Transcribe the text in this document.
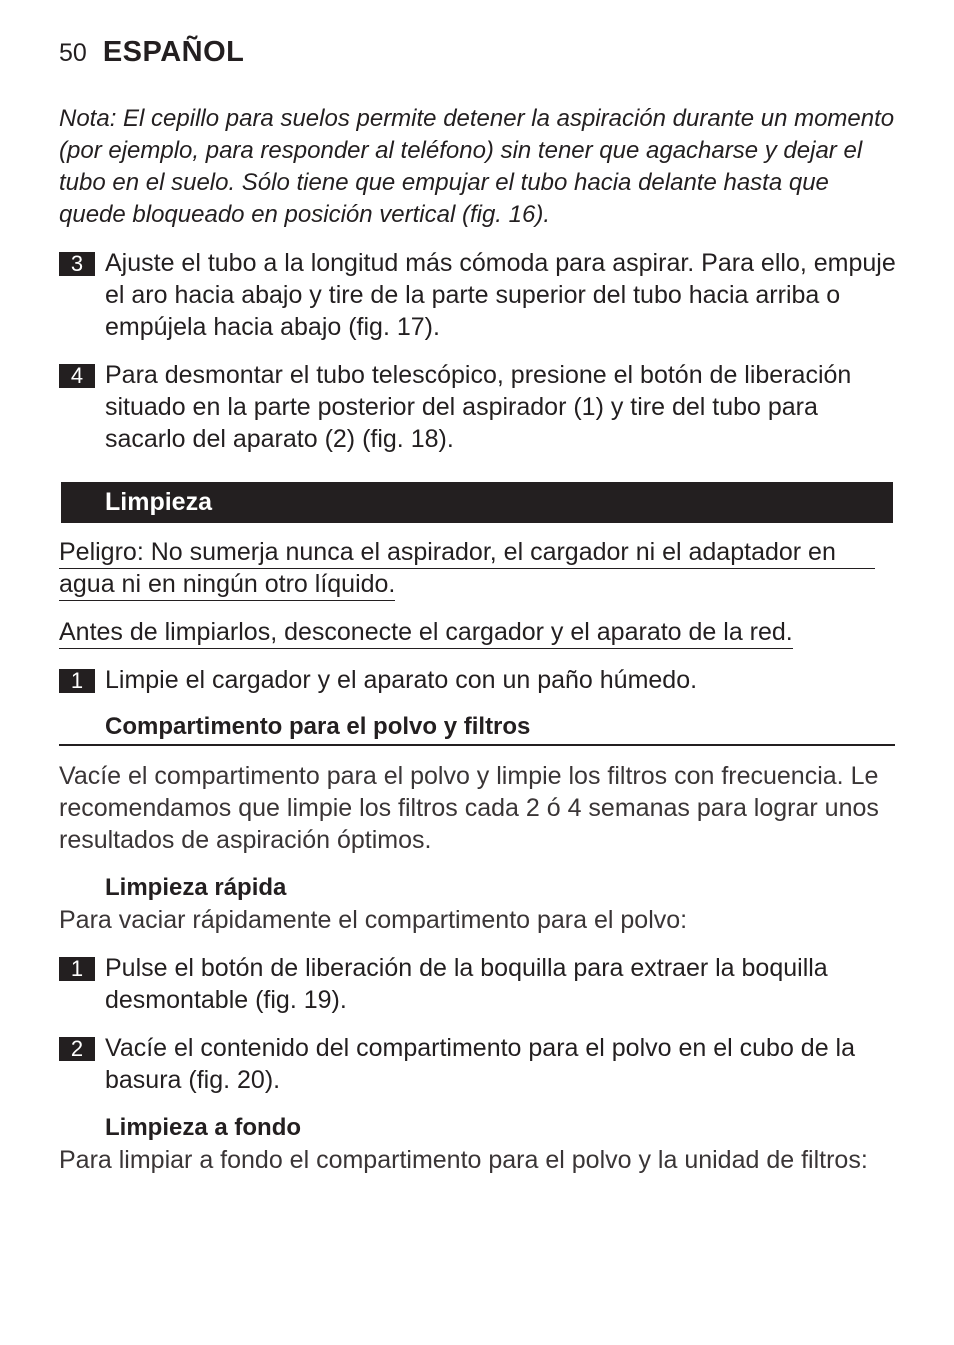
50 ESPAÑOL
Nota: El cepillo para suelos permite detener la aspiración durante un momento (por ejemplo, para responder al teléfono) sin tener que agacharse y dejar el tubo en el suelo. Sólo tiene que empujar el tubo hacia delante hasta que quede bloqueado en posición vertical (fig. 16).
3 Ajuste el tubo a la longitud más cómoda para aspirar. Para ello, empuje el aro hacia abajo y tire de la parte superior del tubo hacia arriba o empújela hacia abajo (fig. 17).
4 Para desmontar el tubo telescópico, presione el botón de liberación situado en la parte posterior del aspirador (1) y tire del tubo para sacarlo del aparato (2) (fig. 18).
Limpieza
Peligro: No sumerja nunca el aspirador, el cargador ni el adaptador en
agua ni en ningún otro líquido.
Antes de limpiarlos, desconecte el cargador y el aparato de la red.
1 Limpie el cargador y el aparato con un paño húmedo.
Compartimento para el polvo y filtros
Vacíe el compartimento para el polvo y limpie los filtros con frecuencia. Le recomendamos que limpie los filtros cada 2 ó 4 semanas para lograr unos resultados de aspiración óptimos.
Limpieza rápida
Para vaciar rápidamente el compartimento para el polvo:
1 Pulse el botón de liberación de la boquilla para extraer la boquilla desmontable (fig. 19).
2 Vacíe el contenido del compartimento para el polvo en el cubo de la basura (fig. 20).
Limpieza a fondo
Para limpiar a fondo el compartimento para el polvo y la unidad de filtros:
